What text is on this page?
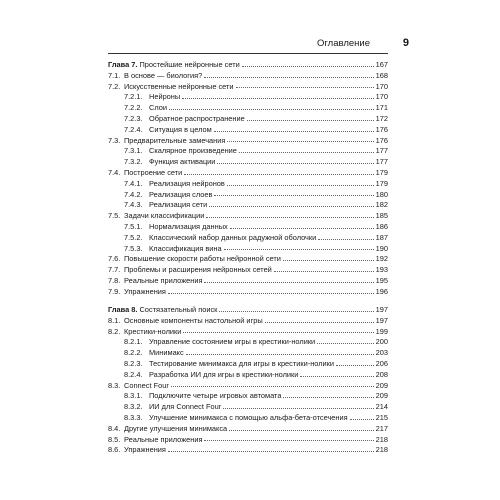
Оглавление	9
Глава 7. Простейшие нейронные сети	167
7.1. В основе — биология?	168
7.2. Искусственные нейронные сети	170
7.2.1. Нейроны	170
7.2.2. Слои	171
7.2.3. Обратное распространение	172
7.2.4. Ситуация в целом	176
7.3. Предварительные замечания	176
7.3.1. Скалярное произведение	177
7.3.2. Функция активации	177
7.4. Построение сети	179
7.4.1. Реализация нейронов	179
7.4.2. Реализация слоев	180
7.4.3. Реализация сети	182
7.5. Задачи классификации	185
7.5.1. Нормализация данных	186
7.5.2. Классический набор данных радужной оболочки	187
7.5.3. Классификация вина	190
7.6. Повышение скорости работы нейронной сети	192
7.7. Проблемы и расширения нейронных сетей	193
7.8. Реальные приложения	195
7.9. Упражнения	196
Глава 8. Состязательный поиск	197
8.1. Основные компоненты настольной игры	197
8.2. Крестики-нолики	199
8.2.1. Управление состоянием игры в крестики-нолики	200
8.2.2. Минимакс	203
8.2.3. Тестирование минимакса для игры в крестики-нолики	206
8.2.4. Разработка ИИ для игры в крестики-нолики	208
8.3. Connect Four	209
8.3.1. Подключите четыре игровых автомата	209
8.3.2. ИИ для Connect Four	214
8.3.3. Улучшение минимакса с помощью альфа-бета-отсечения	215
8.4. Другие улучшения минимакса	217
8.5. Реальные приложения	218
8.6. Упражнения	218
